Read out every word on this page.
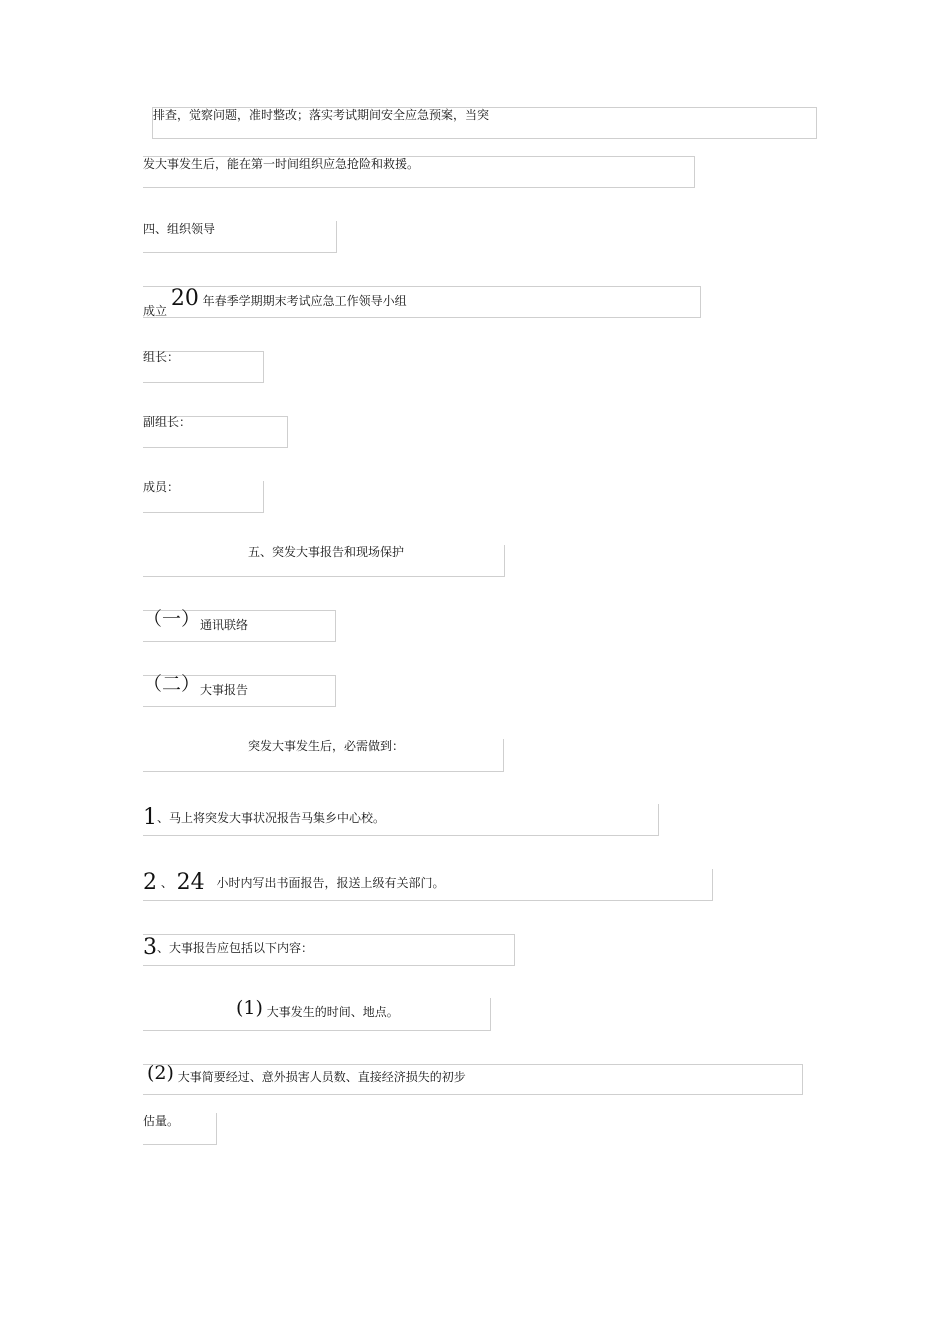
排查，觉察问题，准时整改；落实考试期间安全应急预案，当突
发大事发生后，能在第一时间组织应急抢险和救援。
四、组织领导
成立 20 年春季学期期末考试应急工作领导小组
组长：
副组长：
成员：
五、突发大事报告和现场保护
（一）通讯联络
（二）大事报告
突发大事发生后，必需做到：
1、马上将突发大事状况报告马集乡中心校。
2 、 24 小时内写出书面报告，报送上级有关部门。
3、大事报告应包括以下内容：
(1) 大事发生的时间、地点。
(2) 大事简要经过、意外损害人员数、直接经济损失的初步
估量。
